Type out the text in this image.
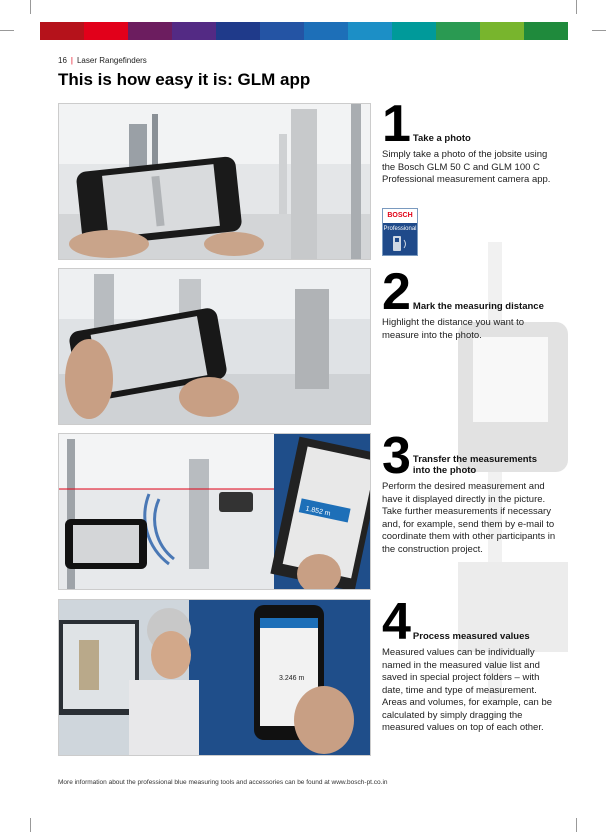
16 | Laser Rangefinders
This is how easy it is: GLM app
1.852 m
3.246 m
1 Take a photo
Simply take a photo of the jobsite using the Bosch GLM 50 C and GLM 100 C Professional measurement camera app.
BOSCH
Professional
2 Mark the measuring distance
Highlight the distance you want to measure into the photo.
3 Transfer the measurements into the photo
Perform the desired measurement and have it displayed directly in the picture. Take further measurements if necessary and, for example, send them by e-mail to coordinate them with other participants in the construction project.
4 Process measured values
Measured values can be individually named in the measured value list and saved in special project folders – with date, time and type of measurement. Areas and volumes, for example, can be calculated by simply dragging the measured values on top of each other.
More information about the professional blue measuring tools and accessories can be found at www.bosch-pt.co.in
